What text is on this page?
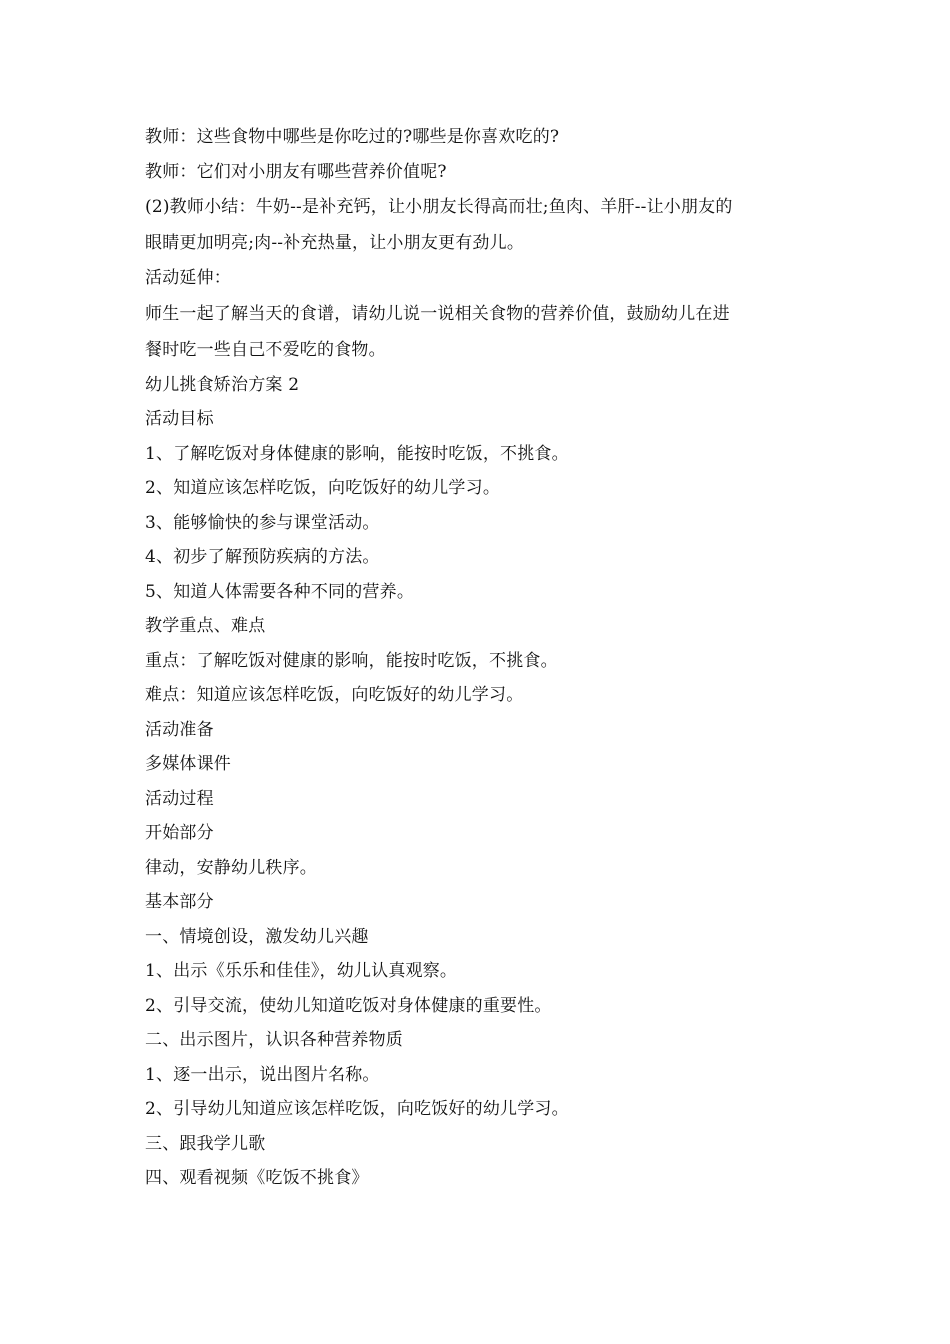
教师：这些食物中哪些是你吃过的?哪些是你喜欢吃的?
教师：它们对小朋友有哪些营养价值呢?
(2)教师小结：牛奶--是补充钙，让小朋友长得高而壮;鱼肉、羊肝--让小朋友的
眼睛更加明亮;肉--补充热量，让小朋友更有劲儿。
活动延伸：
师生一起了解当天的食谱，请幼儿说一说相关食物的营养价值，鼓励幼儿在进
餐时吃一些自己不爱吃的食物。
幼儿挑食矫治方案 2
活动目标
1、了解吃饭对身体健康的影响，能按时吃饭，不挑食。
2、知道应该怎样吃饭，向吃饭好的幼儿学习。
3、能够愉快的参与课堂活动。
4、初步了解预防疾病的方法。
5、知道人体需要各种不同的营养。
教学重点、难点
重点：了解吃饭对健康的影响，能按时吃饭，不挑食。
难点：知道应该怎样吃饭，向吃饭好的幼儿学习。
活动准备
多媒体课件
活动过程
开始部分
律动，安静幼儿秩序。
基本部分
一、情境创设，激发幼儿兴趣
1、出示《乐乐和佳佳》，幼儿认真观察。
2、引导交流，使幼儿知道吃饭对身体健康的重要性。
二、出示图片，认识各种营养物质
1、逐一出示，说出图片名称。
2、引导幼儿知道应该怎样吃饭，向吃饭好的幼儿学习。
三、跟我学儿歌
四、观看视频《吃饭不挑食》
